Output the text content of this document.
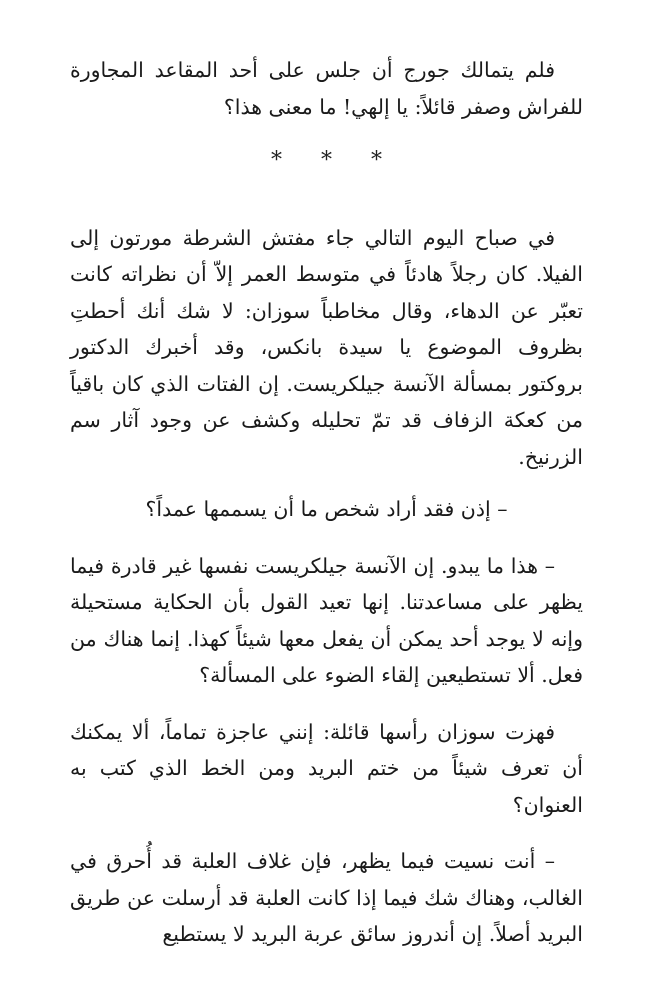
فلم يتمالك جورج أن جلس على أحد المقاعد المجاورة للفراش وصفر قائلاً: يا إلهي! ما معنى هذا؟

* * *

في صباح اليوم التالي جاء مفتش الشرطة مورتون إلى الفيلا. كان رجلاً هادئاً في متوسط العمر إلاّ أن نظراته كانت تعبّر عن الدهاء، وقال مخاطباً سوزان: لا شك أنك أحطتِ بظروف الموضوع يا سيدة بانكس، وقد أخبرك الدكتور بروكتور بمسألة الآنسة جيلكريست. إن الفتات الذي كان باقياً من كعكة الزفاف قد تمّ تحليله وكشف عن وجود آثار سم الزرنيخ.

– إذن فقد أراد شخص ما أن يسممها عمداً؟

– هذا ما يبدو. إن الآنسة جيلكريست نفسها غير قادرة فيما يظهر على مساعدتنا. إنها تعيد القول بأن الحكاية مستحيلة وإنه لا يوجد أحد يمكن أن يفعل معها شيئاً كهذا. إنما هناك من فعل. ألا تستطيعين إلقاء الضوء على المسألة؟

فهزت سوزان رأسها قائلة: إنني عاجزة تماماً، ألا يمكنك أن تعرف شيئاً من ختم البريد ومن الخط الذي كتب به العنوان؟

– أنت نسيت فيما يظهر، فإن غلاف العلبة قد أُحرق في الغالب، وهناك شك فيما إذا كانت العلبة قد أرسلت عن طريق البريد أصلاً. إن أندروز سائق عربة البريد لا يستطيع
